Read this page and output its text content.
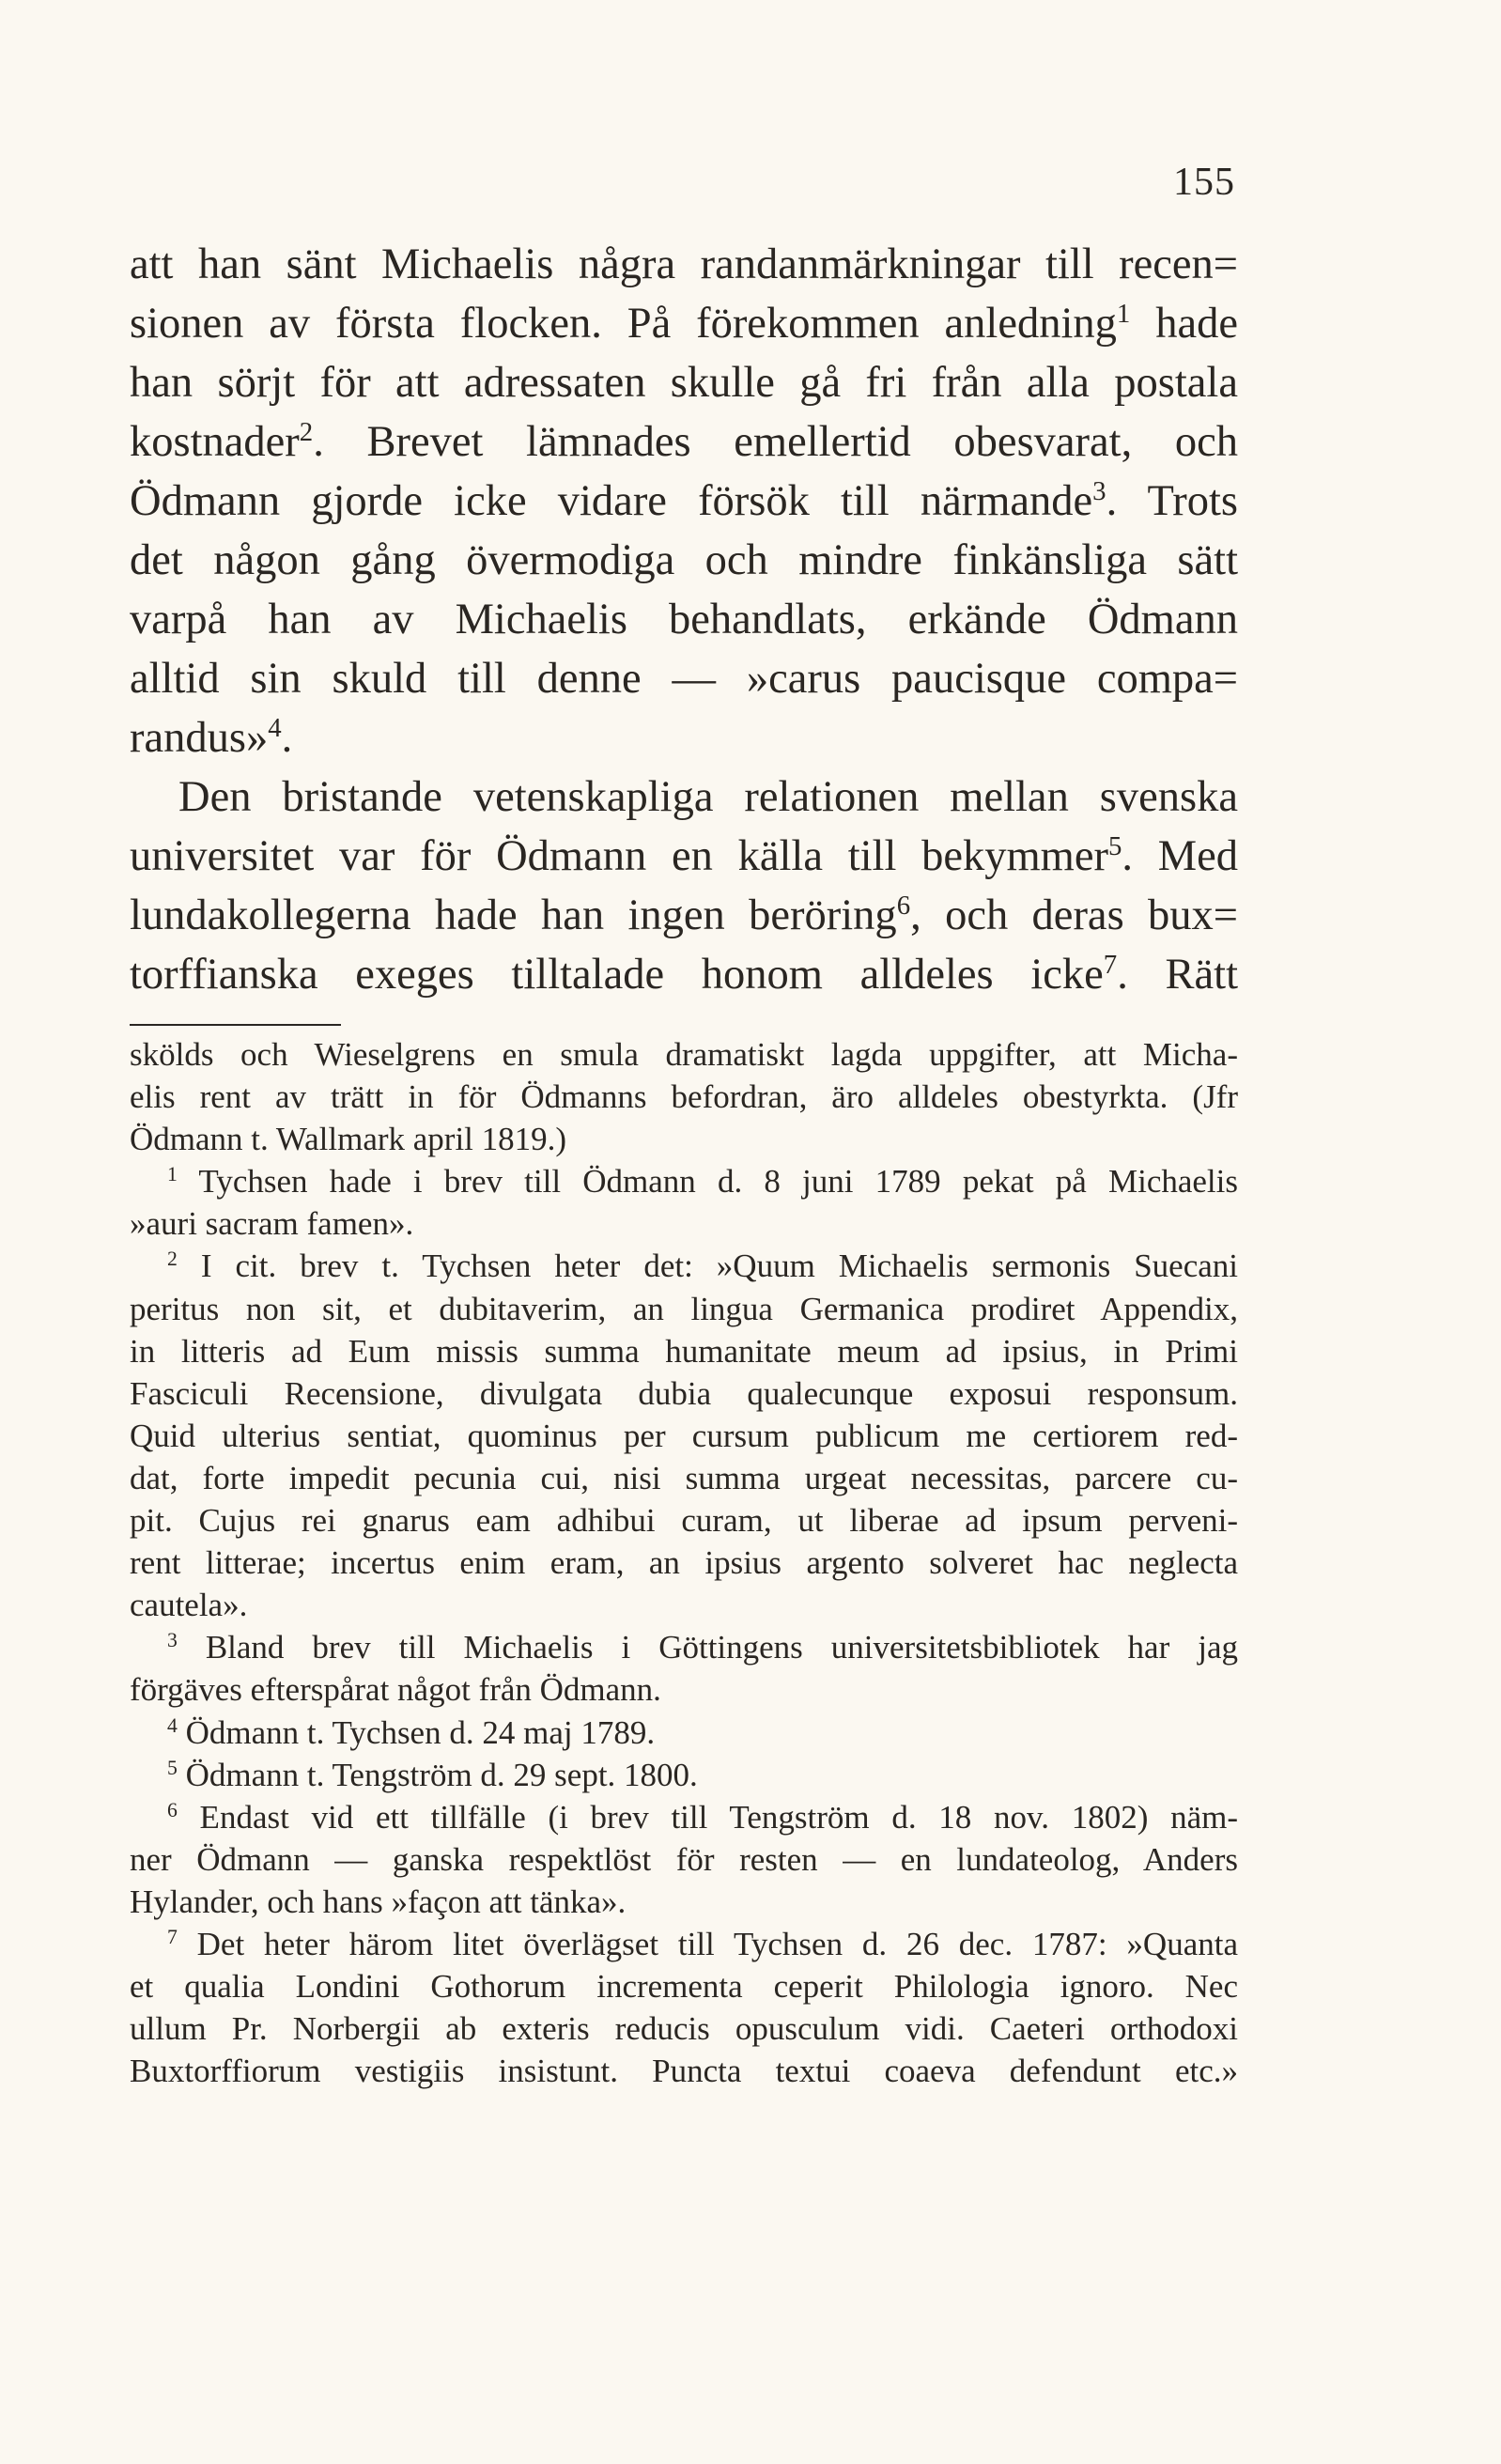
155
att han sänt Michaelis några randanmärkningar till recen=
sionen av första flocken. På förekommen anledning$^1$ hade
han sörjt för att adressaten skulle gå fri från alla postala
kostnader$^2$. Brevet lämnades emellertid obesvarat, och
Ödmann gjorde icke vidare försök till närmande$^3$. Trots
det någon gång övermodiga och mindre finkänsliga sätt
varpå han av Michaelis behandlats, erkände Ödmann
alltid sin skuld till denne — »carus paucisque compa=
randus»$^4$.
Den bristande vetenskapliga relationen mellan svenska
universitet var för Ödmann en källa till bekymmer$^5$. Med
lundakollegerna hade han ingen beröring$^6$, och deras bux=
torffianska exeges tilltalade honom alldeles icke$^7$. Rätt
skölds och Wieselgrens en smula dramatiskt lagda uppgifter, att Micha-
elis rent av trätt in för Ödmanns befordran, äro alldeles obestyrkta. (Jfr
Ödmann t. Wallmark april 1819.)
$^1$ Tychsen hade i brev till Ödmann d. 8 juni 1789 pekat på Michaelis
»auri sacram famen».
$^2$ I cit. brev t. Tychsen heter det: »Quum Michaelis sermonis Suecani
peritus non sit, et dubitaverim, an lingua Germanica prodiret Appendix,
in litteris ad Eum missis summa humanitate meum ad ipsius, in Primi
Fasciculi Recensione, divulgata dubia qualecunque exposui responsum.
Quid ulterius sentiat, quominus per cursum publicum me certiorem red-
dat, forte impedit pecunia cui, nisi summa urgeat necessitas, parcere cu-
pit. Cujus rei gnarus eam adhibui curam, ut liberae ad ipsum perveni-
rent litterae; incertus enim eram, an ipsius argento solveret hac neglecta
cautela».
$^3$ Bland brev till Michaelis i Göttingens universitetsbibliotek har jag
förgäves efterspårat något från Ödmann.
$^4$ Ödmann t. Tychsen d. 24 maj 1789.
$^5$ Ödmann t. Tengström d. 29 sept. 1800.
$^6$ Endast vid ett tillfälle (i brev till Tengström d. 18 nov. 1802) näm-
ner Ödmann — ganska respektlöst för resten — en lundateolog, Anders
Hylander, och hans »façon att tänka».
$^7$ Det heter härom litet överlägset till Tychsen d. 26 dec. 1787: »Quanta
et qualia Londini Gothorum incrementa ceperit Philologia ignoro. Nec
ullum Pr. Norbergii ab exteris reducis opusculum vidi. Caeteri orthodoxi
Buxtorffiorum vestigiis insistunt. Puncta textui coaeva defendunt etc.»
